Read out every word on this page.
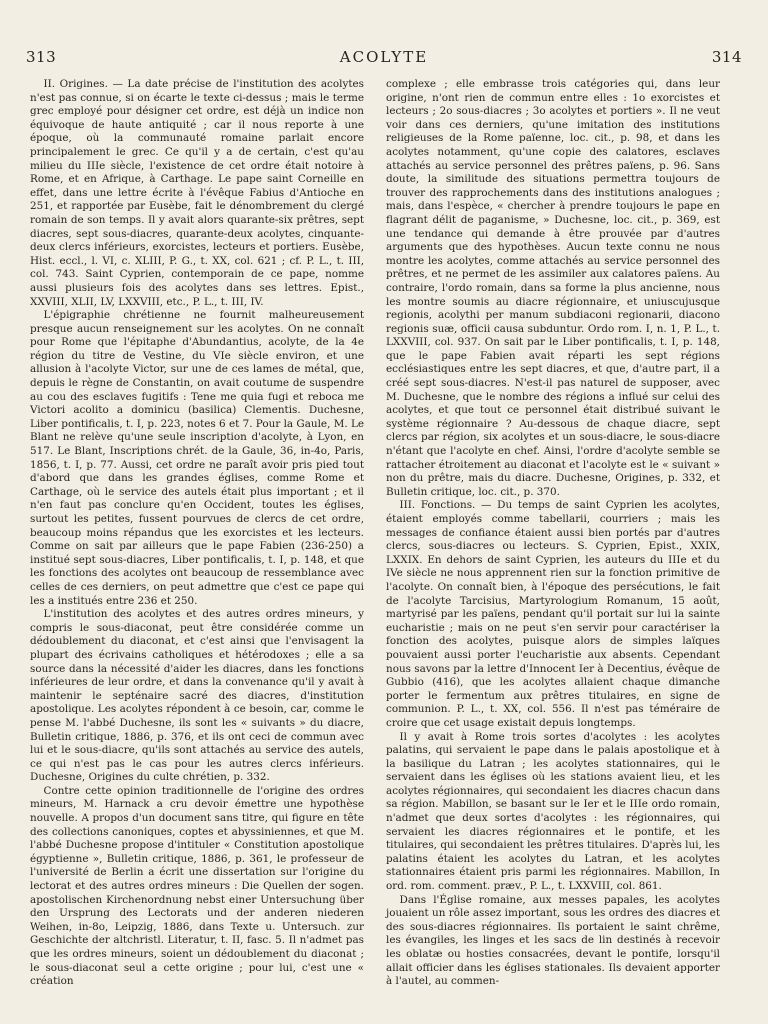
313	ACOLYTE	314

II. Origines. — La date précise de l'institution des acolytes n'est pas connue, si on écarte le texte ci-dessus ; mais le terme grec employé pour désigner cet ordre, est déjà un indice non équivoque de haute antiquité ; car il nous reporte à une époque, où la communauté romaine parlait encore principalement le grec. Ce qu'il y a de certain, c'est qu'au milieu du IIIe siècle, l'existence de cet ordre était notoire à Rome, et en Afrique, à Carthage. Le pape saint Corneille en effet, dans une lettre écrite à l'évêque Fabius d'Antioche en 251, et rapportée par Eusèbe, fait le dénombrement du clergé romain de son temps. Il y avait alors quarante-six prêtres, sept diacres, sept sous-diacres, quarante-deux acolytes, cinquante-deux clercs inférieurs, exorcistes, lecteurs et portiers. Eusèbe, Hist. eccl., l. VI, c. XLIII, P. G., t. XX, col. 621 ; cf. P. L., t. III, col. 743. Saint Cyprien, contemporain de ce pape, nomme aussi plusieurs fois des acolytes dans ses lettres. Epist., XXVIII, XLII, LV, LXXVIII, etc., P. L., t. III, IV.

L'épigraphie chrétienne ne fournit malheureusement presque aucun renseignement sur les acolytes. On ne connaît pour Rome que l'épitaphe d'Abundantius, acolyte, de la 4e région du titre de Vestine, du VIe siècle environ, et une allusion à l'acolyte Victor, sur une de ces lames de métal, que, depuis le règne de Constantin, on avait coutume de suspendre au cou des esclaves fugitifs : Tene me quia fugi et reboca me Victori acolito a dominicu (basilica) Clementis. Duchesne, Liber pontificalis, t. I, p. 223, notes 6 et 7. Pour la Gaule, M. Le Blant ne relève qu'une seule inscription d'acolyte, à Lyon, en 517. Le Blant, Inscriptions chrét. de la Gaule, 36, in-4o, Paris, 1856, t. I, p. 77. Aussi, cet ordre ne paraît avoir pris pied tout d'abord que dans les grandes églises, comme Rome et Carthage, où le service des autels était plus important ; et il n'en faut pas conclure qu'en Occident, toutes les églises, surtout les petites, fussent pourvues de clercs de cet ordre, beaucoup moins répandus que les exorcistes et les lecteurs. Comme on sait par ailleurs que le pape Fabien (236-250) a institué sept sous-diacres, Liber pontificalis, t. I, p. 148, et que les fonctions des acolytes ont beaucoup de ressemblance avec celles de ces derniers, on peut admettre que c'est ce pape qui les a institués entre 236 et 250.

L'institution des acolytes et des autres ordres mineurs, y compris le sous-diaconat, peut être considérée comme un dédoublement du diaconat, et c'est ainsi que l'envisagent la plupart des écrivains catholiques et hétérodoxes ; elle a sa source dans la nécessité d'aider les diacres, dans les fonctions inférieures de leur ordre, et dans la convenance qu'il y avait à maintenir le septénaire sacré des diacres, d'institution apostolique. Les acolytes répondent à ce besoin, car, comme le pense M. l'abbé Duchesne, ils sont les « suivants » du diacre, Bulletin critique, 1886, p. 376, et ils ont ceci de commun avec lui et le sous-diacre, qu'ils sont attachés au service des autels, ce qui n'est pas le cas pour les autres clercs inférieurs. Duchesne, Origines du culte chrétien, p. 332.

Contre cette opinion traditionnelle de l'origine des ordres mineurs, M. Harnack a cru devoir émettre une hypothèse nouvelle. A propos d'un document sans titre, qui figure en tête des collections canoniques, coptes et abyssiniennes, et que M. l'abbé Duchesne propose d'intituler « Constitution apostolique égyptienne », Bulletin critique, 1886, p. 361, le professeur de l'université de Berlin a écrit une dissertation sur l'origine du lectorat et des autres ordres mineurs : Die Quellen der sogen. apostolischen Kirchenordnung nebst einer Untersuchung über den Ursprung des Lectorats und der anderen niederen Weihen, in-8o, Leipzig, 1886, dans Texte u. Untersuch. zur Geschichte der altchristl. Literatur, t. II, fasc. 5. Il n'admet pas que les ordres mineurs, soient un dédoublement du diaconat ; le sous-diaconat seul a cette origine ; pour lui, c'est une « création

complexe ; elle embrasse trois catégories qui, dans leur origine, n'ont rien de commun entre elles : 1o exorcistes et lecteurs ; 2o sous-diacres ; 3o acolytes et portiers ». Il ne veut voir dans ces derniers, qu'une imitation des institutions religieuses de la Rome païenne, loc. cit., p. 98, et dans les acolytes notamment, qu'une copie des calatores, esclaves attachés au service personnel des prêtres païens, p. 96. Sans doute, la similitude des situations permettra toujours de trouver des rapprochements dans des institutions analogues ; mais, dans l'espèce, « chercher à prendre toujours le pape en flagrant délit de paganisme, » Duchesne, loc. cit., p. 369, est une tendance qui demande à être prouvée par d'autres arguments que des hypothèses. Aucun texte connu ne nous montre les acolytes, comme attachés au service personnel des prêtres, et ne permet de les assimiler aux calatores païens. Au contraire, l'ordo romain, dans sa forme la plus ancienne, nous les montre soumis au diacre régionnaire, et uniuscujusque regionis, acolythi per manum subdiaconi regionarii, diacono regionis suæ, officii causa subduntur. Ordo rom. I, n. 1, P. L., t. LXXVIII, col. 937. On sait par le Liber pontificalis, t. I, p. 148, que le pape Fabien avait réparti les sept régions ecclésiastiques entre les sept diacres, et que, d'autre part, il a créé sept sous-diacres. N'est-il pas naturel de supposer, avec M. Duchesne, que le nombre des régions a influé sur celui des acolytes, et que tout ce personnel était distribué suivant le système régionnaire ? Au-dessous de chaque diacre, sept clercs par région, six acolytes et un sous-diacre, le sous-diacre n'étant que l'acolyte en chef. Ainsi, l'ordre d'acolyte semble se rattacher étroitement au diaconat et l'acolyte est le « suivant » non du prêtre, mais du diacre. Duchesne, Origines, p. 332, et Bulletin critique, loc. cit., p. 370.

III. Fonctions. — Du temps de saint Cyprien les acolytes, étaient employés comme tabellarii, courriers ; mais les messages de confiance étaient aussi bien portés par d'autres clercs, sous-diacres ou lecteurs. S. Cyprien, Epist., XXIX, LXXIX. En dehors de saint Cyprien, les auteurs du IIIe et du IVe siècle ne nous apprennent rien sur la fonction primitive de l'acolyte. On connaît bien, à l'époque des persécutions, le fait de l'acolyte Tarcisius, Martyrologium Romanum, 15 août, martyrisé par les païens, pendant qu'il portait sur lui la sainte eucharistie ; mais on ne peut s'en servir pour caractériser la fonction des acolytes, puisque alors de simples laïques pouvaient aussi porter l'eucharistie aux absents. Cependant nous savons par la lettre d'Innocent Ier à Decentius, évêque de Gubbio (416), que les acolytes allaient chaque dimanche porter le fermentum aux prêtres titulaires, en signe de communion. P. L., t. XX, col. 556. Il n'est pas téméraire de croire que cet usage existait depuis longtemps.

Il y avait à Rome trois sortes d'acolytes : les acolytes palatins, qui servaient le pape dans le palais apostolique et à la basilique du Latran ; les acolytes stationnaires, qui le servaient dans les églises où les stations avaient lieu, et les acolytes régionnaires, qui secondaient les diacres chacun dans sa région. Mabillon, se basant sur le Ier et le IIIe ordo romain, n'admet que deux sortes d'acolytes : les régionnaires, qui servaient les diacres régionnaires et le pontife, et les titulaires, qui secondaient les prêtres titulaires. D'après lui, les palatins étaient les acolytes du Latran, et les acolytes stationnaires étaient pris parmi les régionnaires. Mabillon, In ord. rom. comment. præv., P. L., t. LXXVIII, col. 861.

Dans l'Église romaine, aux messes papales, les acolytes jouaient un rôle assez important, sous les ordres des diacres et des sous-diacres régionnaires. Ils portaient le saint chrême, les évangiles, les linges et les sacs de lin destinés à recevoir les oblatæ ou hosties consacrées, devant le pontife, lorsqu'il allait officier dans les églises stationales. Ils devaient apporter à l'autel, au commen-
